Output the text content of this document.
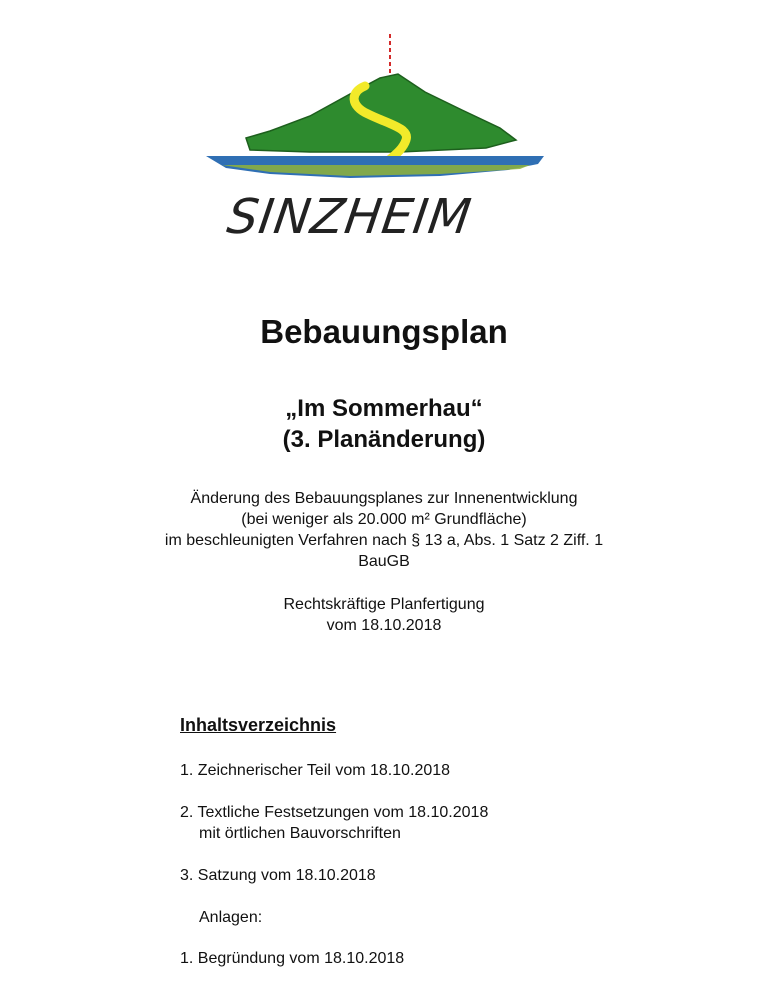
SINZHEIM
Bebauungsplan
„Im Sommerhau“
(3. Planänderung)
Änderung des Bebauungsplanes zur Innenentwicklung
(bei weniger als 20.000 m² Grundfläche)
im beschleunigten Verfahren nach § 13 a, Abs. 1 Satz 2 Ziff. 1
BauGB
Rechtskräftige Planfertigung
vom 18.10.2018
Inhaltsverzeichnis
1. Zeichnerischer Teil vom 18.10.2018
2. Textliche Festsetzungen vom 18.10.2018
mit örtlichen Bauvorschriften
3. Satzung vom 18.10.2018
Anlagen:
1. Begründung vom 18.10.2018
